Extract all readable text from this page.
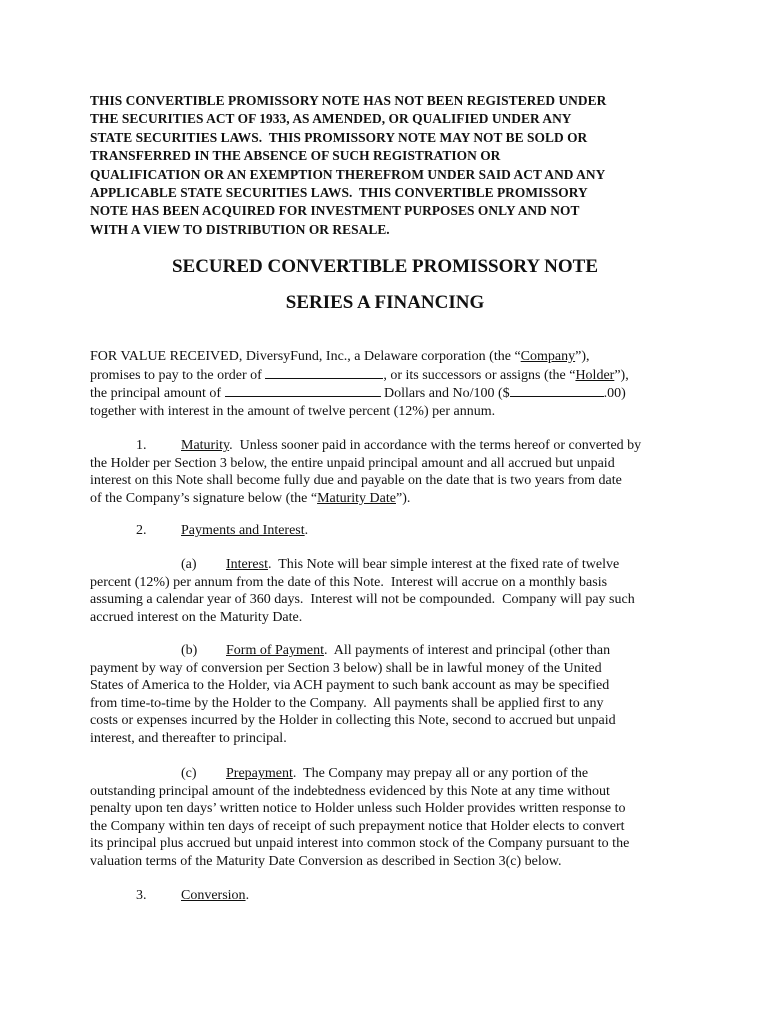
THIS CONVERTIBLE PROMISSORY NOTE HAS NOT BEEN REGISTERED UNDER
THE SECURITIES ACT OF 1933, AS AMENDED, OR QUALIFIED UNDER ANY
STATE SECURITIES LAWS.  THIS PROMISSORY NOTE MAY NOT BE SOLD OR
TRANSFERRED IN THE ABSENCE OF SUCH REGISTRATION OR
QUALIFICATION OR AN EXEMPTION THEREFROM UNDER SAID ACT AND ANY
APPLICABLE STATE SECURITIES LAWS.  THIS CONVERTIBLE PROMISSORY
NOTE HAS BEEN ACQUIRED FOR INVESTMENT PURPOSES ONLY AND NOT
WITH A VIEW TO DISTRIBUTION OR RESALE.
SECURED CONVERTIBLE PROMISSORY NOTE
SERIES A FINANCING
FOR VALUE RECEIVED, DiversyFund, Inc., a Delaware corporation (the “Company”),
promises to pay to the order of	, or its successors or assigns (the “Holder”),
the principal amount of	Dollars and No/100 ($	.00)
together with interest in the amount of twelve percent (12%) per annum.
1. Maturity.  Unless sooner paid in accordance with the terms hereof or converted by
the Holder per Section 3 below, the entire unpaid principal amount and all accrued but unpaid
interest on this Note shall become fully due and payable on the date that is two years from date
of the Company’s signature below (the “Maturity Date”).
2. Payments and Interest.
(a) Interest.  This Note will bear simple interest at the fixed rate of twelve
percent (12%) per annum from the date of this Note.  Interest will accrue on a monthly basis
assuming a calendar year of 360 days.  Interest will not be compounded.  Company will pay such
accrued interest on the Maturity Date.
(b) Form of Payment.  All payments of interest and principal (other than
payment by way of conversion per Section 3 below) shall be in lawful money of the United
States of America to the Holder, via ACH payment to such bank account as may be specified
from time-to-time by the Holder to the Company.  All payments shall be applied first to any
costs or expenses incurred by the Holder in collecting this Note, second to accrued but unpaid
interest, and thereafter to principal.
(c) Prepayment.  The Company may prepay all or any portion of the
outstanding principal amount of the indebtedness evidenced by this Note at any time without
penalty upon ten days’ written notice to Holder unless such Holder provides written response to
the Company within ten days of receipt of such prepayment notice that Holder elects to convert
its principal plus accrued but unpaid interest into common stock of the Company pursuant to the
valuation terms of the Maturity Date Conversion as described in Section 3(c) below.
3. Conversion.
